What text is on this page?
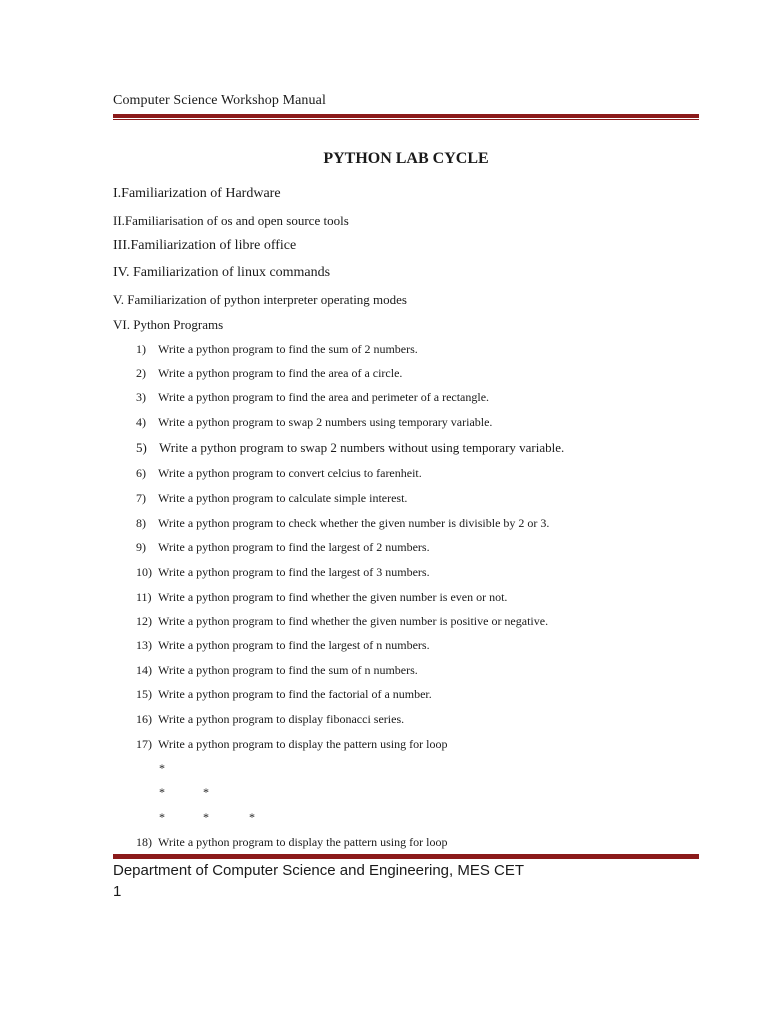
Computer Science Workshop Manual
PYTHON LAB CYCLE
I.Familiarization of Hardware
II.Familiarisation of os and open source tools
III.Familiarization of libre office
IV. Familiarization of linux commands
V. Familiarization of python interpreter operating modes
VI. Python Programs
1) Write a python program to find the sum of 2 numbers.
2) Write a python program to find the area of a circle.
3) Write a python program to find the area and perimeter of a rectangle.
4) Write a python program to swap 2 numbers using temporary variable.
5) Write a python program to swap 2 numbers without using temporary variable.
6) Write a python program to convert celcius to farenheit.
7) Write a python program to calculate simple interest.
8) Write a python program to check whether the given number is divisible by 2 or 3.
9) Write a python program to find the largest of 2 numbers.
10) Write a python program to find the largest of 3 numbers.
11) Write a python program to find whether the given number is even or not.
12) Write a python program to find whether the given number is positive or negative.
13) Write a python program to find the largest of n numbers.
14) Write a python program to find the sum of n numbers.
15) Write a python program to find the factorial of a number.
16) Write a python program to display fibonacci series.
17) Write a python program to display the pattern using for loop
*
*	*
*	*	*
18) Write a python program to display the pattern using for loop
Department of Computer Science and Engineering, MES CET
1
